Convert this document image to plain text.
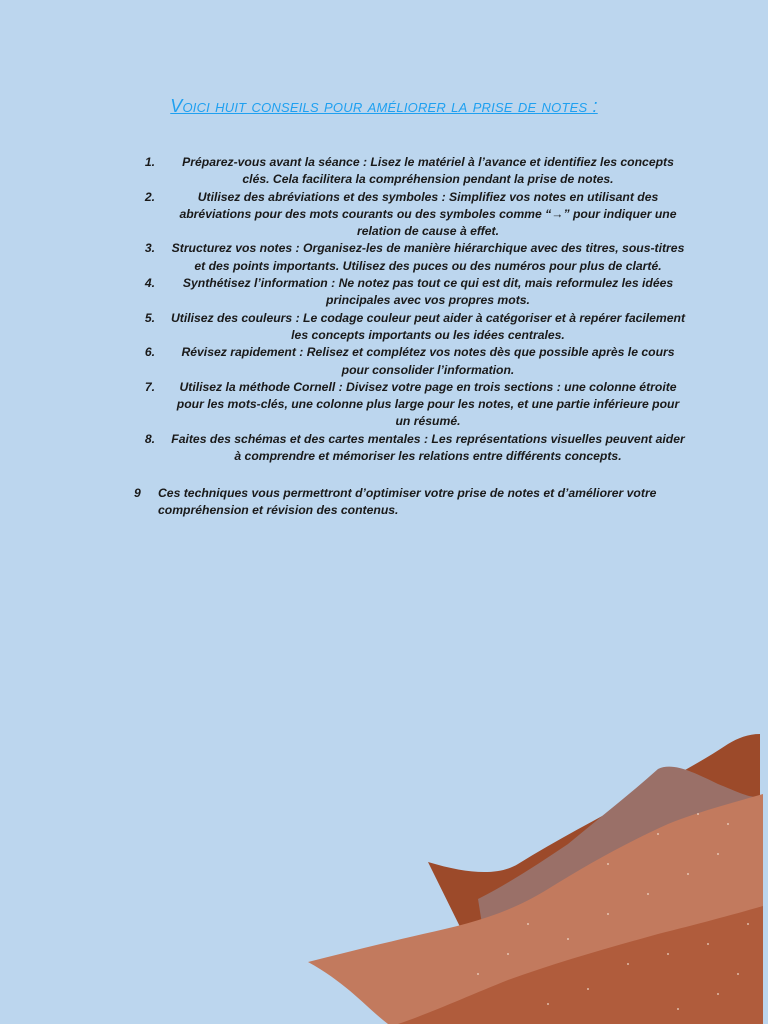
Voici huit conseils pour améliorer la prise de notes :
1.	Préparez-vous avant la séance : Lisez le matériel à l’avance et identifiez les concepts clés. Cela facilitera la compréhension pendant la prise de notes.
2.	Utilisez des abréviations et des symboles : Simplifiez vos notes en utilisant des abréviations pour des mots courants ou des symboles comme “→” pour indiquer une relation de cause à effet.
3.	Structurez vos notes : Organisez-les de manière hiérarchique avec des titres, sous-titres et des points importants. Utilisez des puces ou des numéros pour plus de clarté.
4.	Synthétisez l’information : Ne notez pas tout ce qui est dit, mais reformulez les idées principales avec vos propres mots.
5.	Utilisez des couleurs : Le codage couleur peut aider à catégoriser et à repérer facilement les concepts importants ou les idées centrales.
6.	Révisez rapidement : Relisez et complétez vos notes dès que possible après le cours pour consolider l’information.
7.	Utilisez la méthode Cornell : Divisez votre page en trois sections : une colonne étroite pour les mots-clés, une colonne plus large pour les notes, et une partie inférieure pour un résumé.
8.	Faites des schémas et des cartes mentales : Les représentations visuelles peuvent aider à comprendre et mémoriser les relations entre différents concepts.
9	Ces techniques vous permettront d’optimiser votre prise de notes et d’améliorer votre compréhension et révision des contenus.
